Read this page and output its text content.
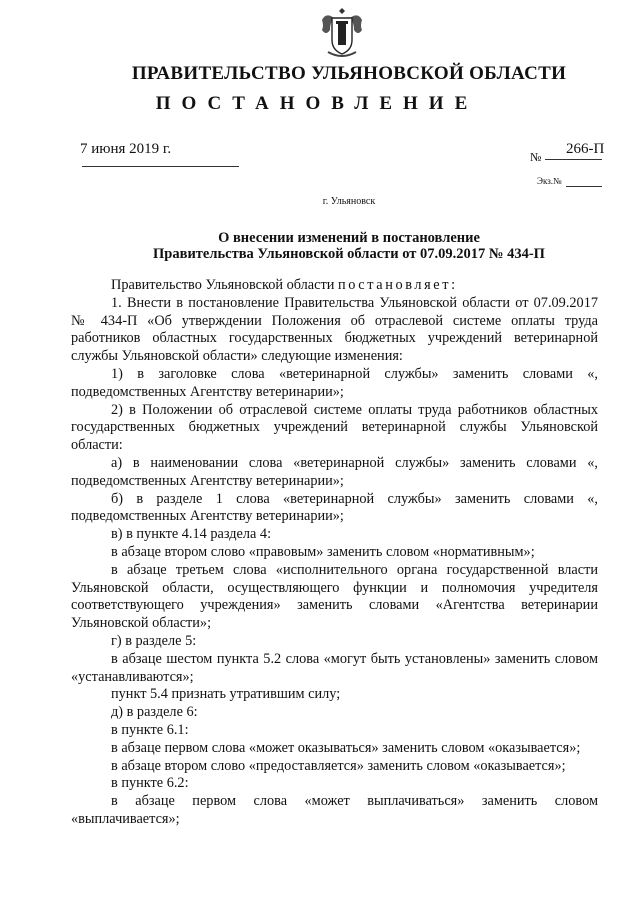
ПРАВИТЕЛЬСТВО УЛЬЯНОВСКОЙ ОБЛАСТИ
ПОСТАНОВЛЕНИЕ
7 июня 2019 г.	№ 266-П
Экз.№
г. Ульяновск
О внесении изменений в постановление
Правительства Ульяновской области от 07.09.2017 № 434-П

Правительство Ульяновской области постановляет:

1. Внести в постановление Правительства Ульяновской области от 07.09.2017 № 434-П «Об утверждении Положения об отраслевой системе оплаты труда работников областных государственных бюджетных учреждений ветеринарной службы Ульяновской области» следующие изменения:

1) в заголовке слова «ветеринарной службы» заменить словами «, подведомственных Агентству ветеринарии»;

2) в Положении об отраслевой системе оплаты труда работников областных государственных бюджетных учреждений ветеринарной службы Ульяновской области:

а) в наименовании слова «ветеринарной службы» заменить словами «, подведомственных Агентству ветеринарии»;

б) в разделе 1 слова «ветеринарной службы» заменить словами «, подведомственных Агентству ветеринарии»;

в) в пункте 4.14 раздела 4:

в абзаце втором слово «правовым» заменить словом «нормативным»;

в абзаце третьем слова «исполнительного органа государственной власти Ульяновской области, осуществляющего функции и полномочия учредителя соответствующего учреждения» заменить словами «Агентства ветеринарии Ульяновской области»;

г) в разделе 5:

в абзаце шестом пункта 5.2 слова «могут быть установлены» заменить словом «устанавливаются»;

пункт 5.4 признать утратившим силу;

д) в разделе 6:

в пункте 6.1:

в абзаце первом слова «может оказываться» заменить словом «оказывается»;

в абзаце втором слово «предоставляется» заменить словом «оказывается»;

в пункте 6.2:

в абзаце первом слова «может выплачиваться» заменить словом «выплачивается»;
